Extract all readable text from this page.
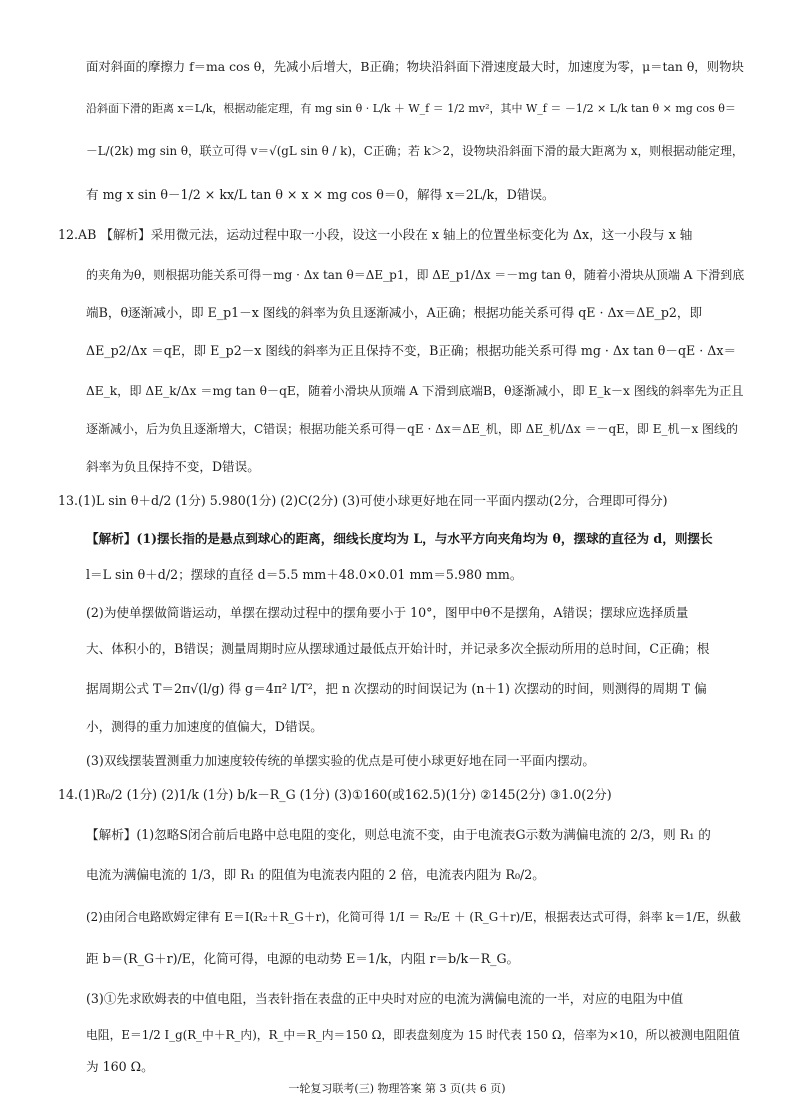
面对斜面的摩擦力 f＝ma cos θ，先减小后增大，B正确；物块沿斜面下滑速度最大时，加速度为零，μ＝tan θ，则物块
沿斜面下滑的距离 x＝L/k，根据动能定理，有 mg sin θ · L/k ＋ W_f ＝ 1/2 mv²，其中 W_f ＝ －1/2 × L/k tan θ × mg cos θ＝
－L/(2k) mg sin θ，联立可得 v＝√(gL sin θ / k)，C正确；若 k＞2，设物块沿斜面下滑的最大距离为 x，则根据动能定理，
有 mg x sin θ－1/2 × kx/L tan θ × x × mg cos θ＝0，解得 x＝2L/k，D错误。
12.AB 【解析】采用微元法，运动过程中取一小段，设这一小段在 x 轴上的位置坐标变化为 Δx，这一小段与 x 轴
的夹角为θ，则根据功能关系可得－mg · Δx tan θ＝ΔE_p1，即 ΔE_p1/Δx ＝－mg tan θ，随着小滑块从顶端 A 下滑到底
端B，θ逐渐减小，即 E_p1－x 图线的斜率为负且逐渐减小，A正确；根据功能关系可得 qE · Δx＝ΔE_p2，即
ΔE_p2/Δx ＝qE，即 E_p2－x 图线的斜率为正且保持不变，B正确；根据功能关系可得 mg · Δx tan θ－qE · Δx＝
ΔE_k，即 ΔE_k/Δx ＝mg tan θ－qE，随着小滑块从顶端 A 下滑到底端B，θ逐渐减小，即 E_k－x 图线的斜率先为正且
逐渐减小，后为负且逐渐增大，C错误；根据功能关系可得－qE · Δx＝ΔE_机，即 ΔE_机/Δx ＝－qE，即 E_机－x 图线的
斜率为负且保持不变，D错误。
13.(1)L sin θ＋d/2 (1分) 5.980(1分) (2)C(2分) (3)可使小球更好地在同一平面内摆动(2分，合理即可得分)
【解析】(1)摆长指的是悬点到球心的距离，细线长度均为 L，与水平方向夹角均为 θ，摆球的直径为 d，则摆长
l＝L sin θ＋d/2；摆球的直径 d＝5.5 mm＋48.0×0.01 mm＝5.980 mm。
(2)为使单摆做简谐运动，单摆在摆动过程中的摆角要小于 10°，图甲中θ不是摆角，A错误；摆球应选择质量
大、体积小的，B错误；测量周期时应从摆球通过最低点开始计时，并记录多次全振动所用的总时间，C正确；根
据周期公式 T＝2π√(l/g) 得 g＝4π² l/T²，把 n 次摆动的时间误记为 (n＋1) 次摆动的时间，则测得的周期 T 偏
小，测得的重力加速度的值偏大，D错误。
(3)双线摆装置测重力加速度较传统的单摆实验的优点是可使小球更好地在同一平面内摆动。
14.(1)R₀/2 (1分) (2)1/k (1分) b/k－R_G (1分) (3)①160(或162.5)(1分) ②145(2分) ③1.0(2分)
【解析】(1)忽略S闭合前后电路中总电阻的变化，则总电流不变，由于电流表G示数为满偏电流的 2/3，则 R₁ 的
电流为满偏电流的 1/3，即 R₁ 的阻值为电流表内阻的 2 倍，电流表内阻为 R₀/2。
(2)由闭合电路欧姆定律有 E＝I(R₂＋R_G＋r)，化简可得 1/I ＝ R₂/E ＋ (R_G＋r)/E，根据表达式可得，斜率 k＝1/E，纵截
距 b＝(R_G＋r)/E，化简可得，电源的电动势 E＝1/k，内阻 r＝b/k－R_G。
(3)①先求欧姆表的中值电阻，当表针指在表盘的正中央时对应的电流为满偏电流的一半，对应的电阻为中值
电阻，E＝1/2 I_g(R_中＋R_内)，R_中＝R_内＝150 Ω，即表盘刻度为 15 时代表 150 Ω，倍率为×10，所以被测电阻阻值
为 160 Ω。
一轮复习联考(三) 物理答案 第 3 页(共 6 页)
